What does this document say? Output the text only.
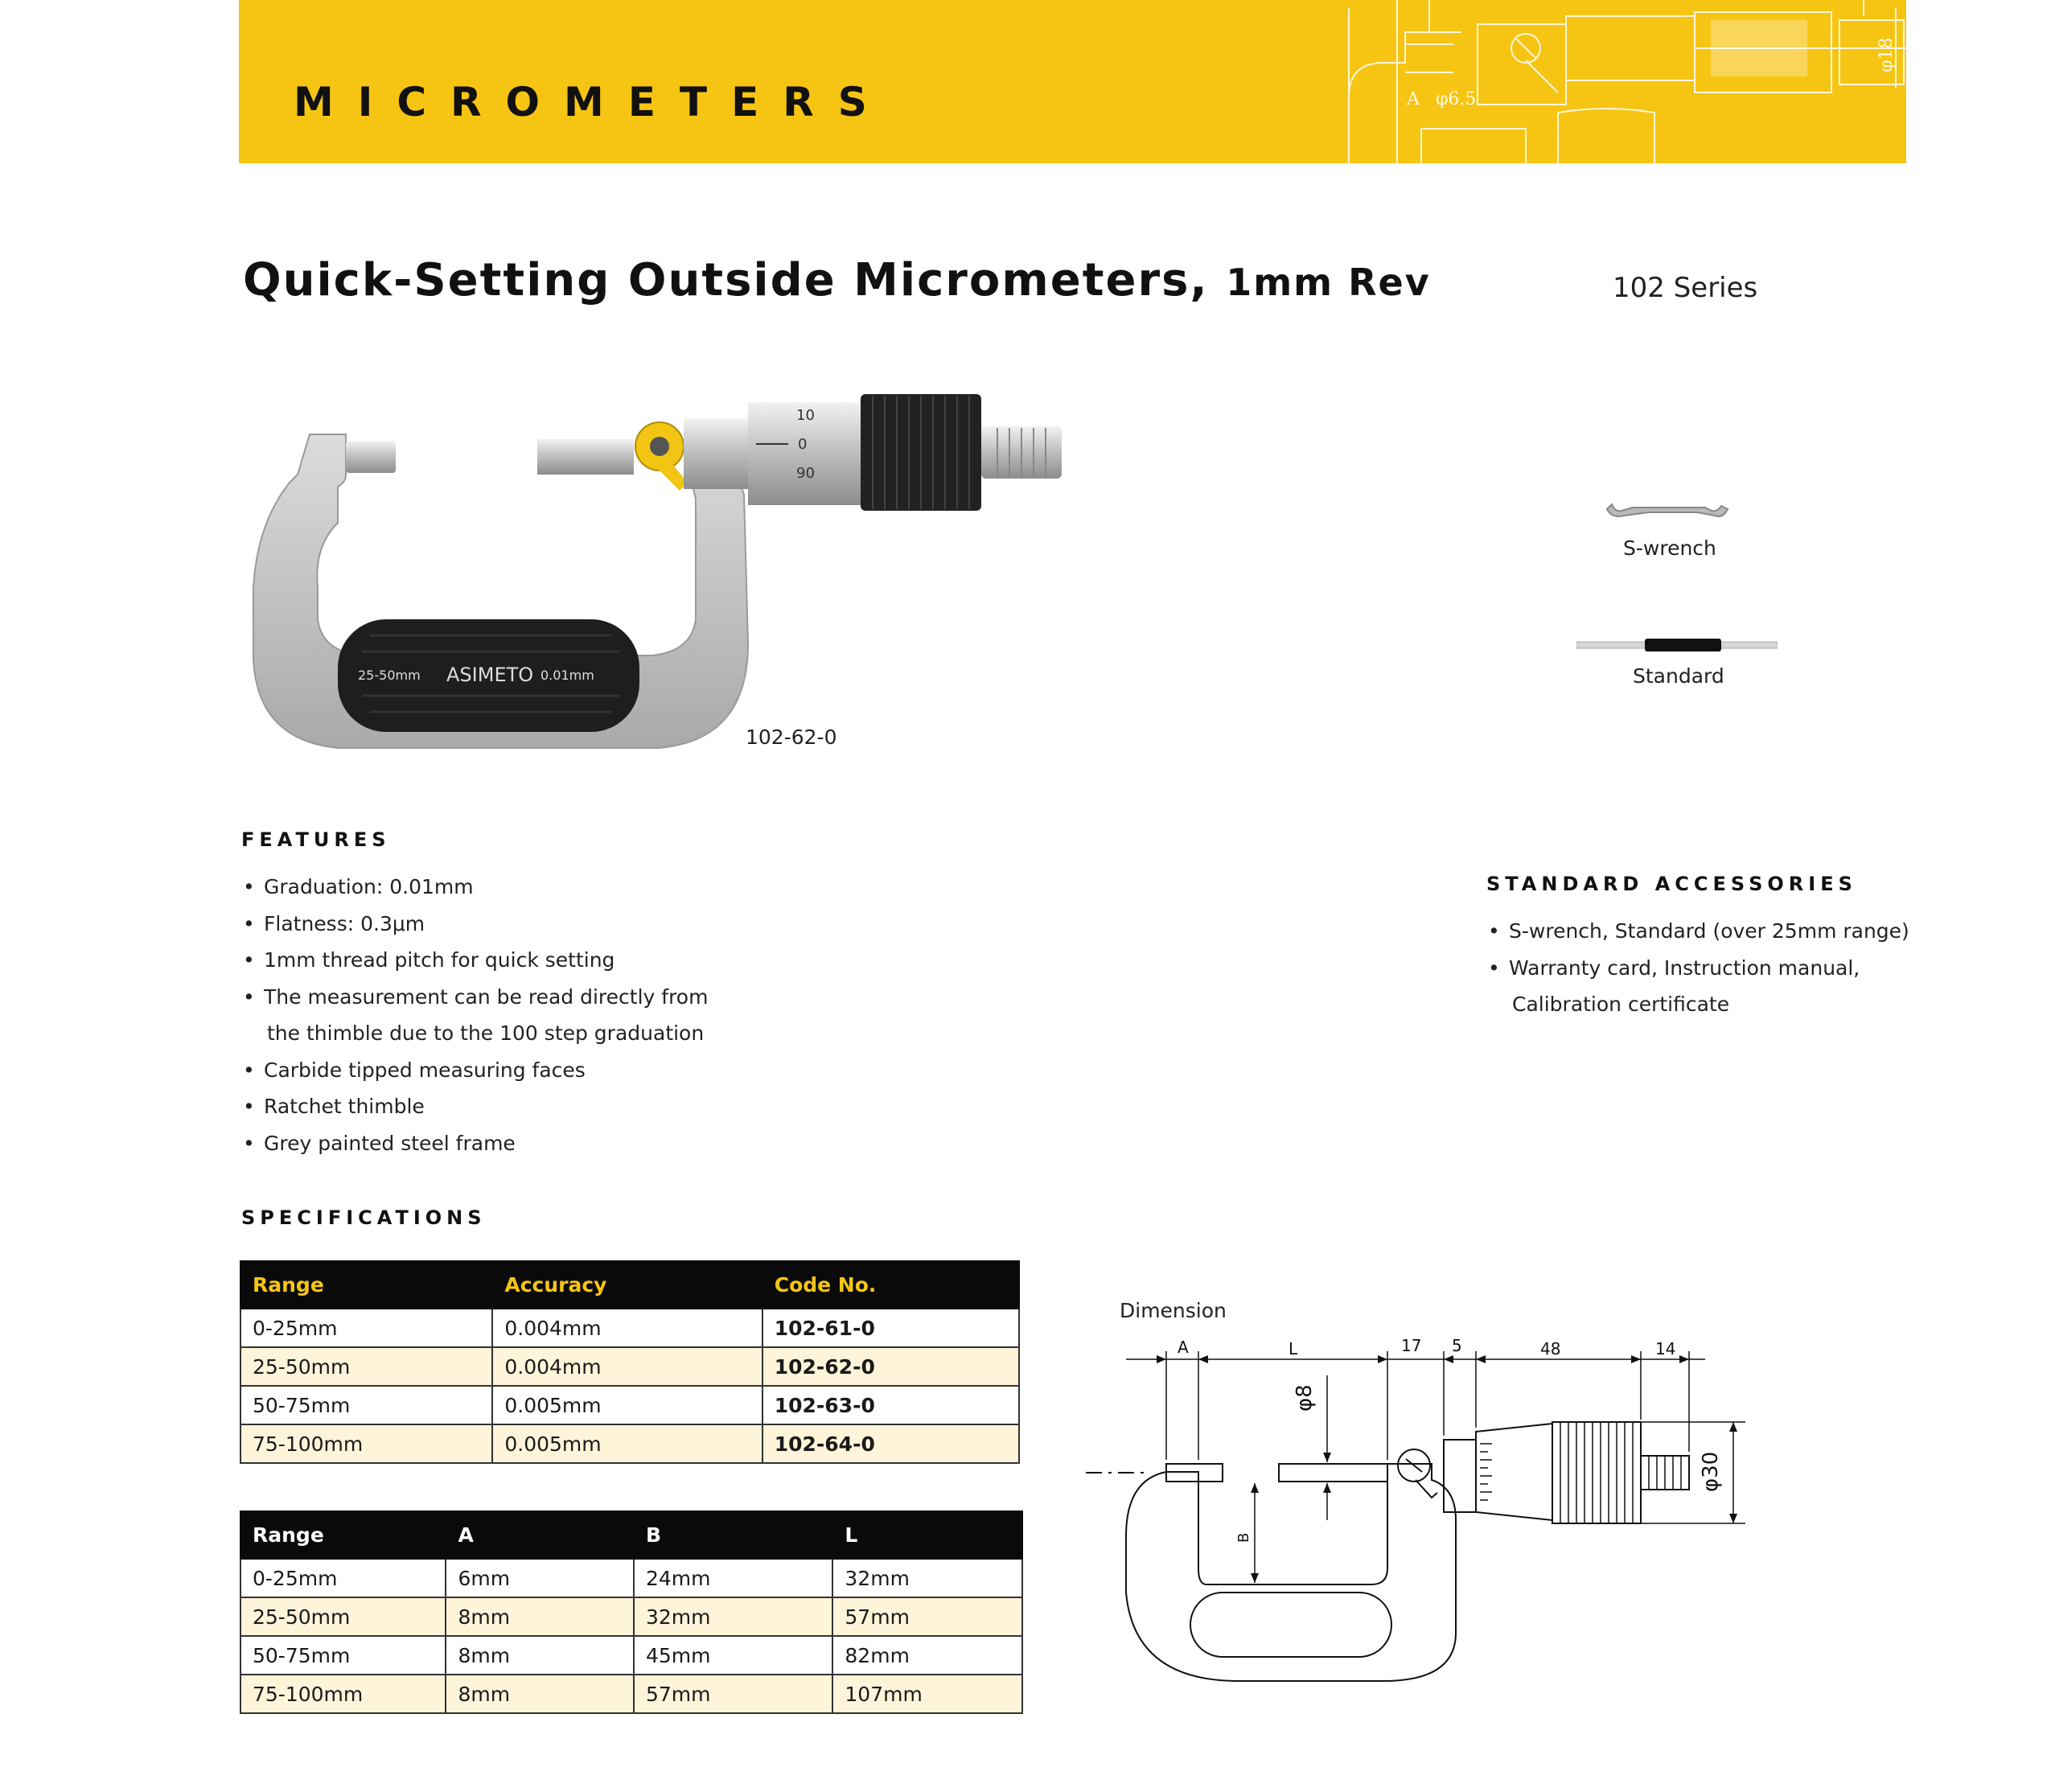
MICROMETERS	A φ6.5
φ18
Quick-Setting Outside Micrometers, 1mm Rev	102 Series
10
0
90
25-50mm ASIMETO 0.01mm
102-62-0
S-wrench
Standard
FEATURES
• Graduation: 0.01mm
• Flatness: 0.3μm
• 1mm thread pitch for quick setting
• The measurement can be read directly from
the thimble due to the 100 step graduation
• Carbide tipped measuring faces
• Ratchet thimble
• Grey painted steel frame
STANDARD ACCESSORIES
• S-wrench, Standard (over 25mm range)
• Warranty card, Instruction manual,
Calibration certificate
SPECIFICATIONS
Range	Accuracy	Code No.
0-25mm	0.004mm	102-61-0
25-50mm	0.004mm	102-62-0
50-75mm	0.005mm	102-63-0
75-100mm	0.005mm	102-64-0
Range	A	B	L
0-25mm	6mm	24mm	32mm
25-50mm	8mm	32mm	57mm
50-75mm	8mm	45mm	82mm
75-100mm	8mm	57mm	107mm
Dimension
A	L	17 5	48	14
φ8
B
φ30
